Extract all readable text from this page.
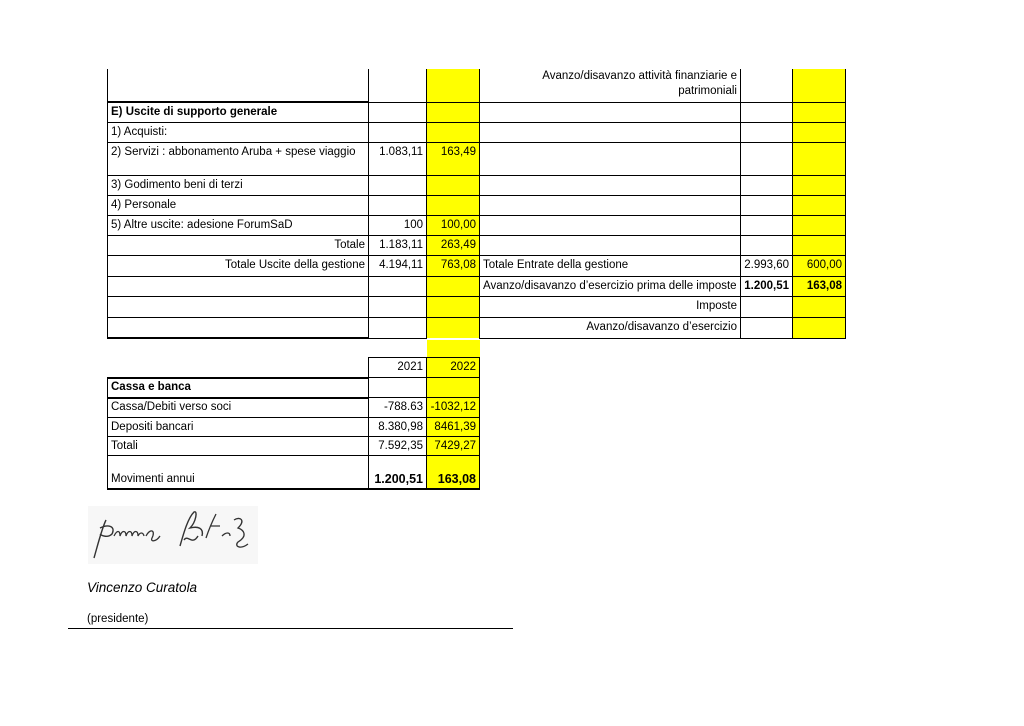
			Avanzo/disavanzo attività finanziarie e patrimoniali		
E) Uscite di supporto generale					
1) Acquisti:					
2) Servizi : abbonamento Aruba + spese viaggio	1.083,11	163,49			
3) Godimento beni di terzi					
4) Personale					
5) Altre uscite: adesione ForumSaD	100	100,00			
Totale	1.183,11	263,49			
Totale Uscite della gestione	4.194,11	763,08	Totale Entrate della gestione	2.993,60	600,00
			Avanzo/disavanzo d’esercizio prima delle imposte	1.200,51	163,08
			Imposte		
			Avanzo/disavanzo d’esercizio		
	2021	2022
Cassa e banca		
Cassa/Debiti verso soci	-788.63	-1032,12
Depositi bancari	8.380,98	8461,39
Totali	7.592,35	7429,27
Movimenti annui	1.200,51	163,08
Vincenzo Curatola
(presidente)
